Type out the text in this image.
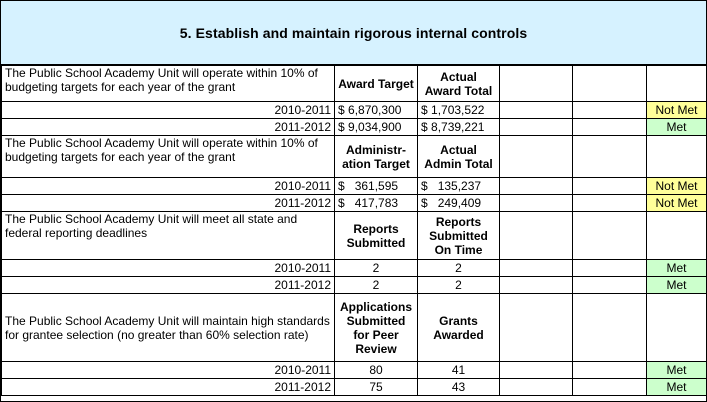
5. Establish and maintain rigorous internal controls
The Public School Academy Unit will operate within 10% of budgeting targets for each year of the grant	Award Target	Actual Award Total			
2010-2011	$ 6,870,300	$ 1,703,522			Not Met
2011-2012	$ 9,034,900	$ 8,739,221			Met
The Public School Academy Unit will operate within 10% of budgeting targets for each year of the grant	Administr-ation Target	Actual Admin Total			
2010-2011	$ 361,595	$ 135,237			Not Met
2011-2012	$ 417,783	$ 249,409			Not Met
The Public School Academy Unit will meet all state and federal reporting deadlines	Reports Submitted	Reports Submitted On Time			
2010-2011	2	2			Met
2011-2012	2	2			Met
The Public School Academy Unit will maintain high standards for grantee selection (no greater than 60% selection rate)	Applications Submitted for Peer Review	Grants Awarded			
2010-2011	80	41			Met
2011-2012	75	43			Met
